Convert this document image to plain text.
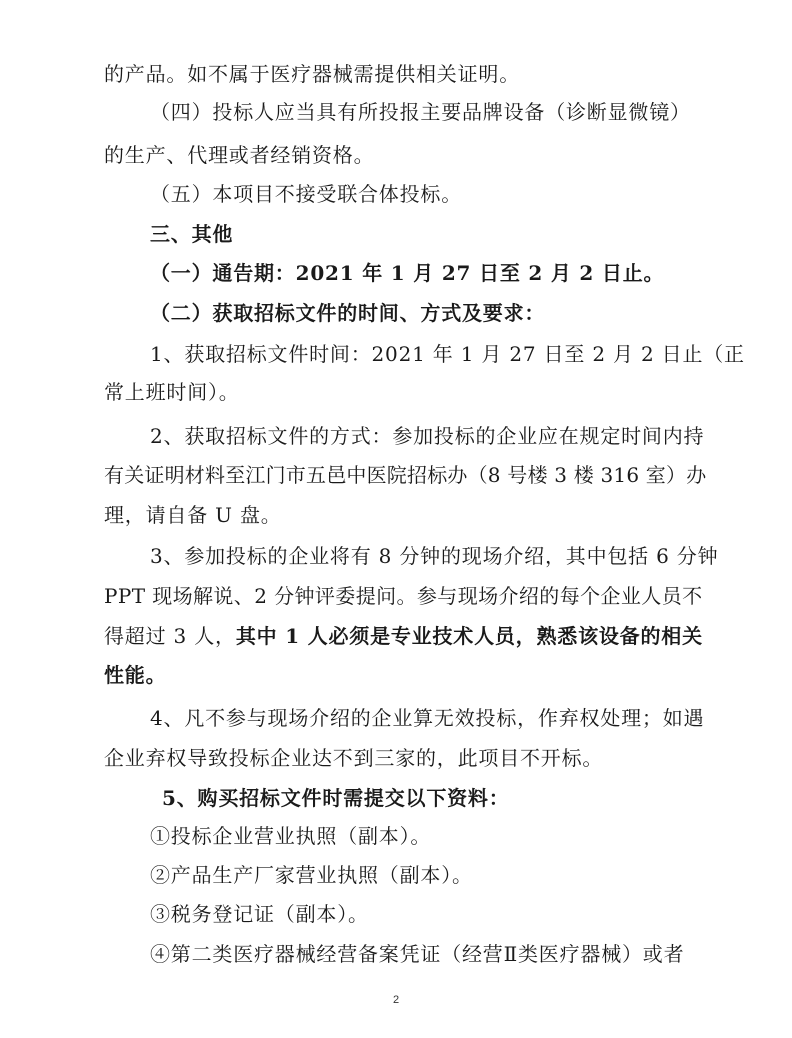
的产品。如不属于医疗器械需提供相关证明。
（四）投标人应当具有所投报主要品牌设备（诊断显微镜）
的生产、代理或者经销资格。
（五）本项目不接受联合体投标。
三、其他
（一）通告期：2021 年 1 月 27 日至 2 月 2 日止。
（二）获取招标文件的时间、方式及要求：
1、获取招标文件时间：2021 年 1 月 27 日至 2 月 2 日止（正
常上班时间）。
2、获取招标文件的方式：参加投标的企业应在规定时间内持
有关证明材料至江门市五邑中医院招标办（8 号楼 3 楼 316 室）办
理，请自备 U 盘。
3、参加投标的企业将有 8 分钟的现场介绍，其中包括 6 分钟
PPT 现场解说、2 分钟评委提问。参与现场介绍的每个企业人员不
得超过 3 人，其中 1 人必须是专业技术人员，熟悉该设备的相关
性能。
4、凡不参与现场介绍的企业算无效投标，作弃权处理；如遇
企业弃权导致投标企业达不到三家的，此项目不开标。
5、购买招标文件时需提交以下资料：
①投标企业营业执照（副本）。
②产品生产厂家营业执照（副本）。
③税务登记证（副本）。
④第二类医疗器械经营备案凭证（经营Ⅱ类医疗器械）或者
2
